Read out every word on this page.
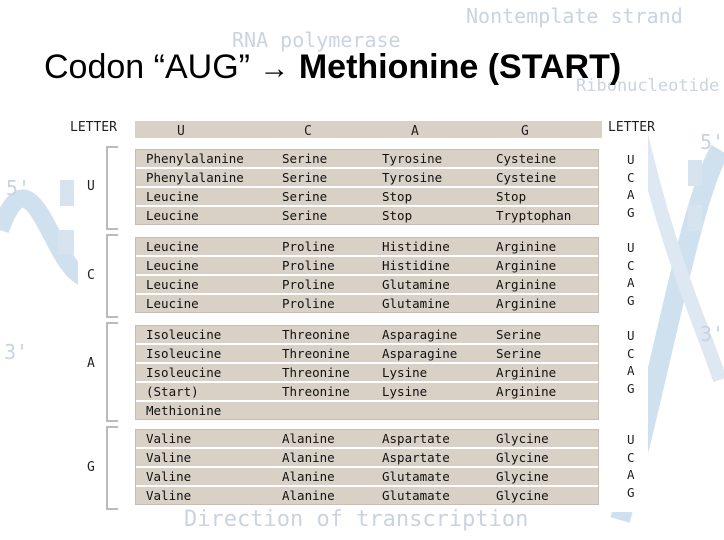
Nontemplate strand
RNA polymerase
5'
3'
5'
3'
Ribonucleotide
Codon “AUG” → Methionine (START)
LETTER	U	C	A	G	LETTER
U
Phenylalanine	Serine	Tyrosine	Cysteine
Phenylalanine	Serine	Tyrosine	Cysteine
Leucine	Serine	Stop	Stop
Leucine	Serine	Stop	Tryptophan
U
C
A
G
C
Leucine	Proline	Histidine	Arginine
Leucine	Proline	Histidine	Arginine
Leucine	Proline	Glutamine	Arginine
Leucine	Proline	Glutamine	Arginine
U
C
A
G
A
Isoleucine	Threonine	Asparagine	Serine
Isoleucine	Threonine	Asparagine	Serine
Isoleucine	Threonine	Lysine	Arginine
(Start)	Threonine	Lysine	Arginine
Methionine
U
C
A
G
G
Valine	Alanine	Aspartate	Glycine
Valine	Alanine	Aspartate	Glycine
Valine	Alanine	Glutamate	Glycine
Valine	Alanine	Glutamate	Glycine
U
C
A
G
Direction of transcription
